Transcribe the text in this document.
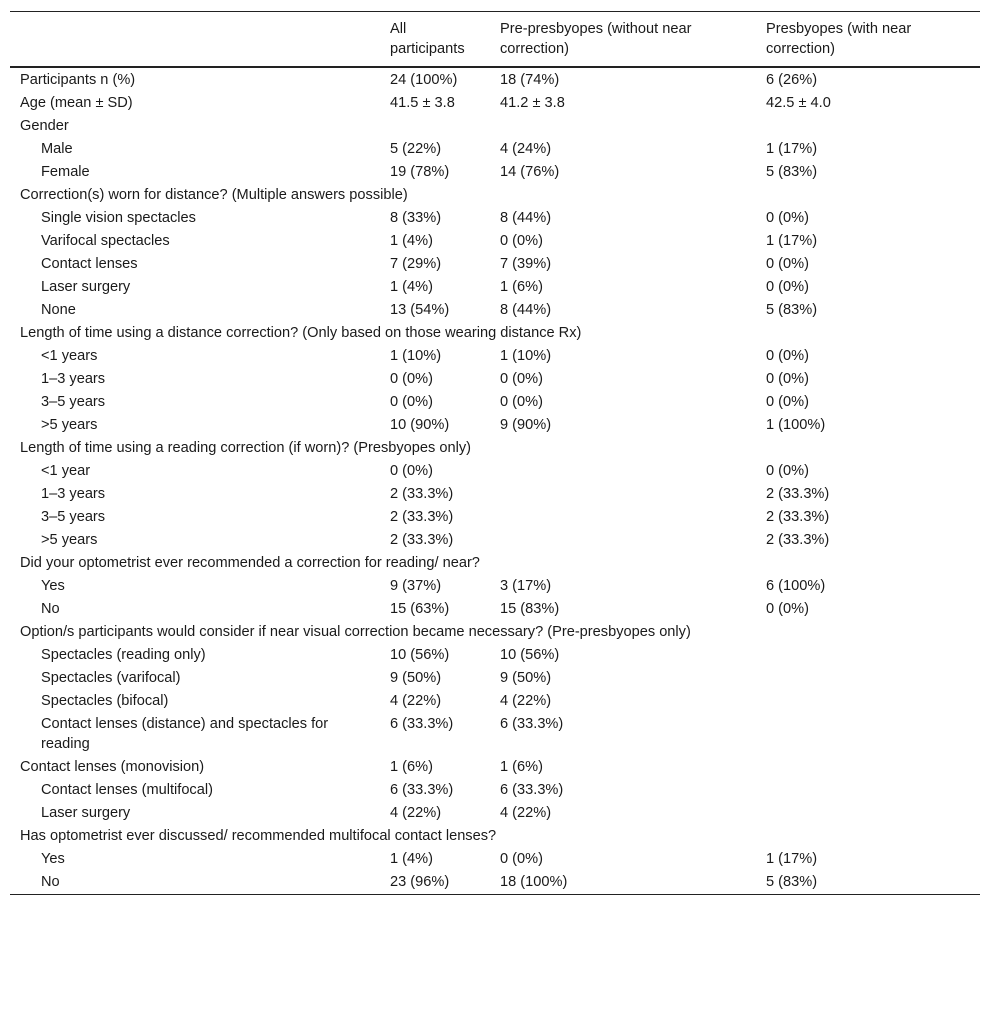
	All participants	Pre-presbyopes (without near correction)	Presbyopes (with near correction)
Participants n (%)	24 (100%)	18 (74%)	6 (26%)
Age (mean ± SD)	41.5 ± 3.8	41.2 ± 3.8	42.5 ± 4.0
Gender			
Male	5 (22%)	4 (24%)	1 (17%)
Female	19 (78%)	14 (76%)	5 (83%)
Correction(s) worn for distance? (Multiple answers possible)			
Single vision spectacles	8 (33%)	8 (44%)	0 (0%)
Varifocal spectacles	1 (4%)	0 (0%)	1 (17%)
Contact lenses	7 (29%)	7 (39%)	0 (0%)
Laser surgery	1 (4%)	1 (6%)	0 (0%)
None	13 (54%)	8 (44%)	5 (83%)
Length of time using a distance correction? (Only based on those wearing distance Rx)			
<1 years	1 (10%)	1 (10%)	0 (0%)
1–3 years	0 (0%)	0 (0%)	0 (0%)
3–5 years	0 (0%)	0 (0%)	0 (0%)
>5 years	10 (90%)	9 (90%)	1 (100%)
Length of time using a reading correction (if worn)? (Presbyopes only)			
<1 year	0 (0%)		0 (0%)
1–3 years	2 (33.3%)		2 (33.3%)
3–5 years	2 (33.3%)		2 (33.3%)
>5 years	2 (33.3%)		2 (33.3%)
Did your optometrist ever recommended a correction for reading/ near?			
Yes	9 (37%)	3 (17%)	6 (100%)
No	15 (63%)	15 (83%)	0 (0%)
Option/s participants would consider if near visual correction became necessary? (Pre-presbyopes only)			
Spectacles (reading only)	10 (56%)	10 (56%)	
Spectacles (varifocal)	9 (50%)	9 (50%)	
Spectacles (bifocal)	4 (22%)	4 (22%)	
Contact lenses (distance) and spectacles for reading	6 (33.3%)	6 (33.3%)	
Contact lenses (monovision)	1 (6%)	1 (6%)	
Contact lenses (multifocal)	6 (33.3%)	6 (33.3%)	
Laser surgery	4 (22%)	4 (22%)	
Has optometrist ever discussed/ recommended multifocal contact lenses?			
Yes	1 (4%)	0 (0%)	1 (17%)
No	23 (96%)	18 (100%)	5 (83%)
